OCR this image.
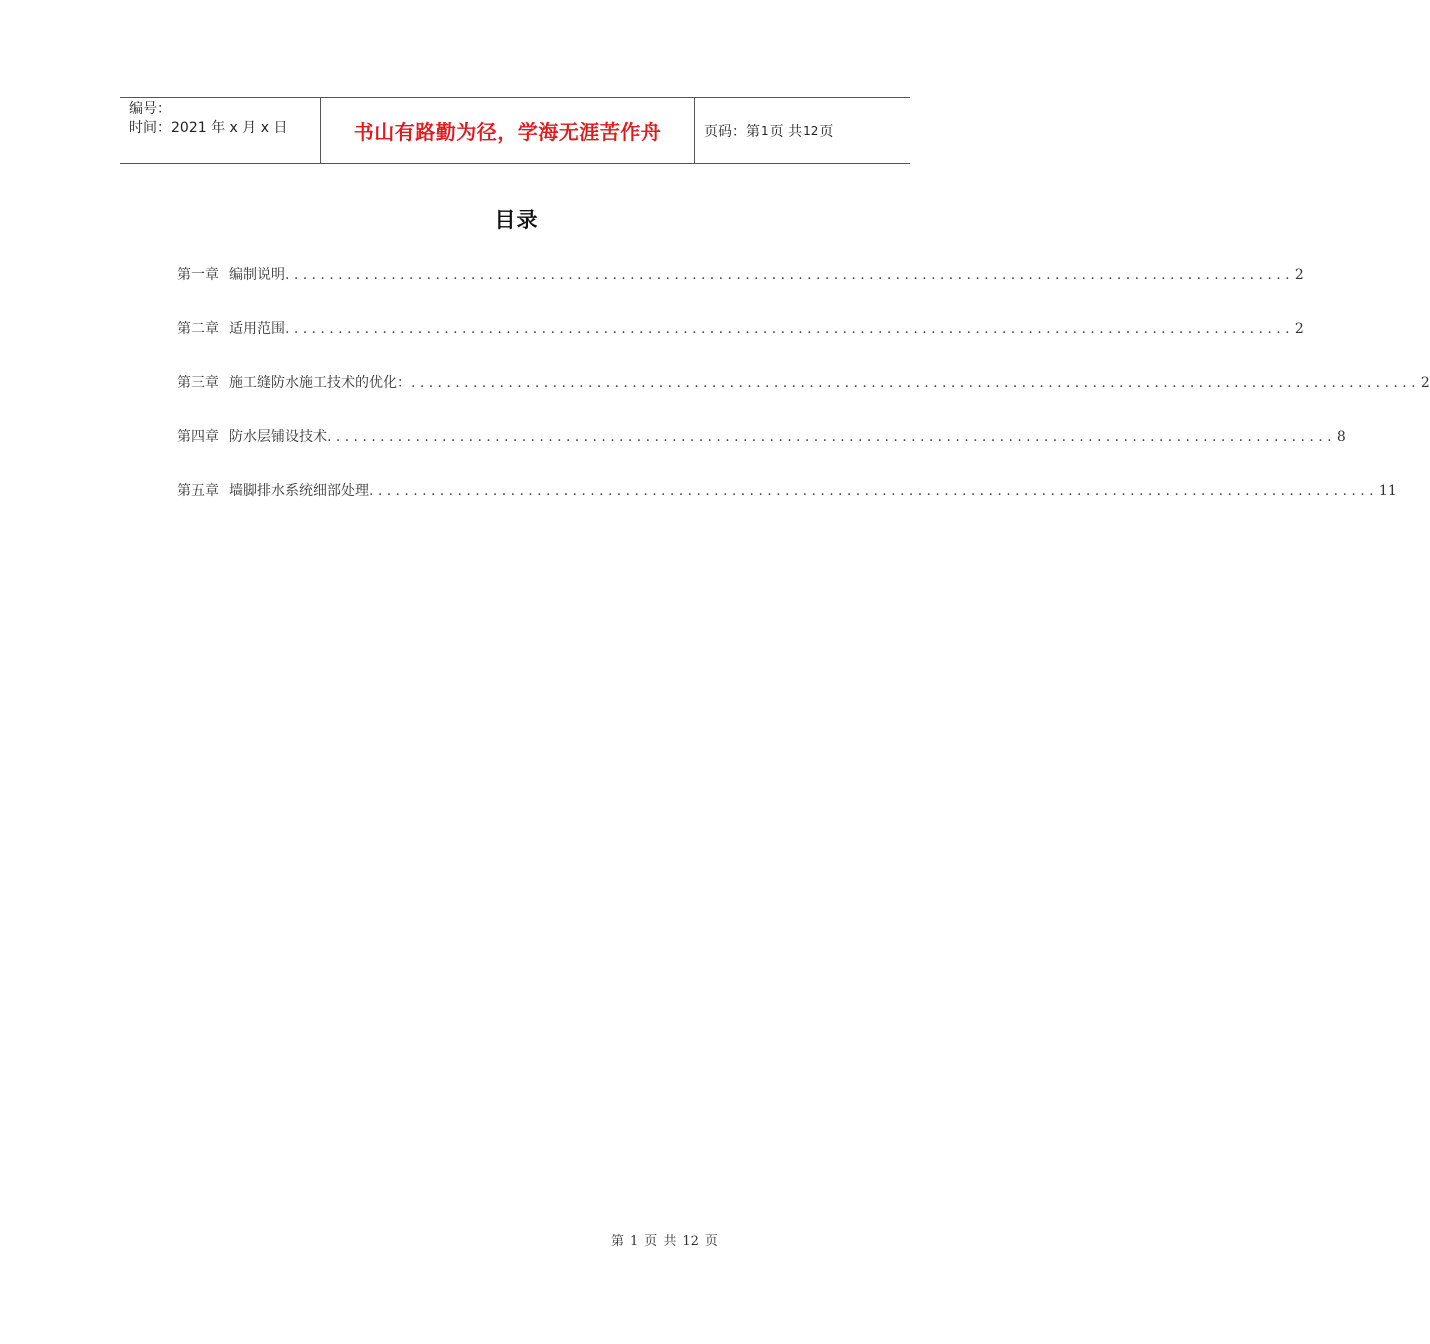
编号：
时间：2021 年 x 月 x 日	书山有路勤为径，学海无涯苦作舟	页码：第 1 页 共 12 页
目录
第一章 编制说明 .................................................................................................................. 2
第二章 适用范围 .................................................................................................................. 2
第三章 施工缝防水施工技术的优化： .................................................................................................................. 2
第四章 防水层铺设技术 .................................................................................................................. 8
第五章 墙脚排水系统细部处理 .................................................................................................................. 11
第 1 页 共 12 页
